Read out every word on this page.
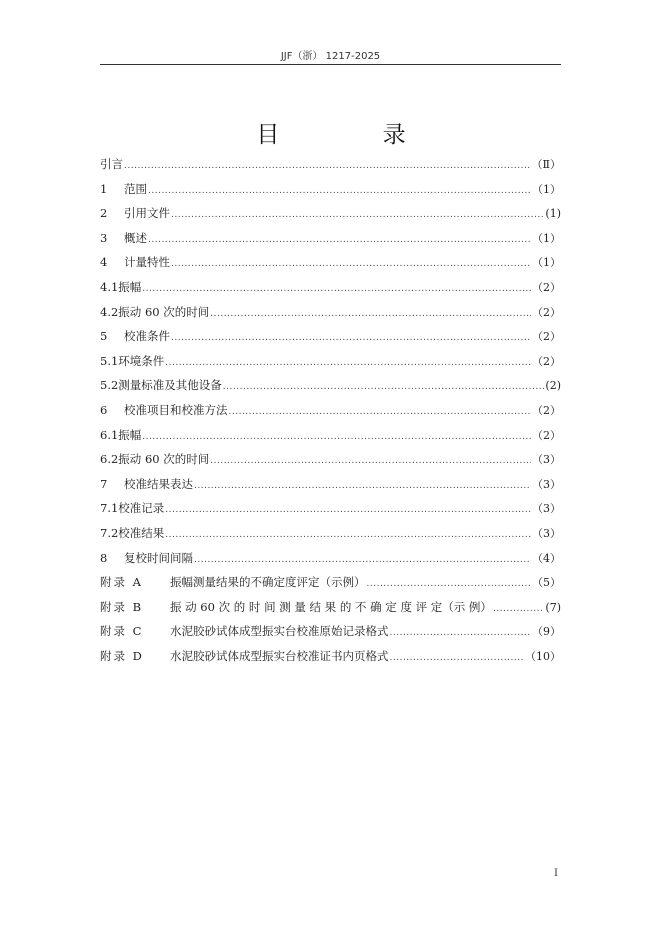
JJF（浙） 1217-2025
目 录
引言 .....	（Ⅱ）
1	范围 .....	（1）
2	引用文件 .....	(1)
3	概述 .....	（1）
4	计量特性 .....	（1）
4.1 振幅 .....	（2）
4.2 振动 60 次的时间 .....	（2）
5	校准条件 .....	（2）
5.1 环境条件 .....	（2）
5.2 测量标准及其他设备 .....	(2)
6	校准项目和校准方法 .....	（2）
6.1 振幅 .....	（2）
6.2 振动 60 次的时间 .....	（3）
7	校准结果表达 .....	（3）
7.1 校准记录 .....	（3）
7.2 校准结果 .....	（3）
8	复校时间间隔 .....	（4）
附录 A	振幅测量结果的不确定度评定（示例） .....	（5）
附录 B	振 动 60 次 的 时 间 测 量 结 果 的 不 确 定 度 评 定（示 例） .....	(7)
附录 C	水泥胶砂试体成型振实台校准原始记录格式 .....	（9）
附录 D	水泥胶砂试体成型振实台校准证书内页格式 .....	（10）
I
